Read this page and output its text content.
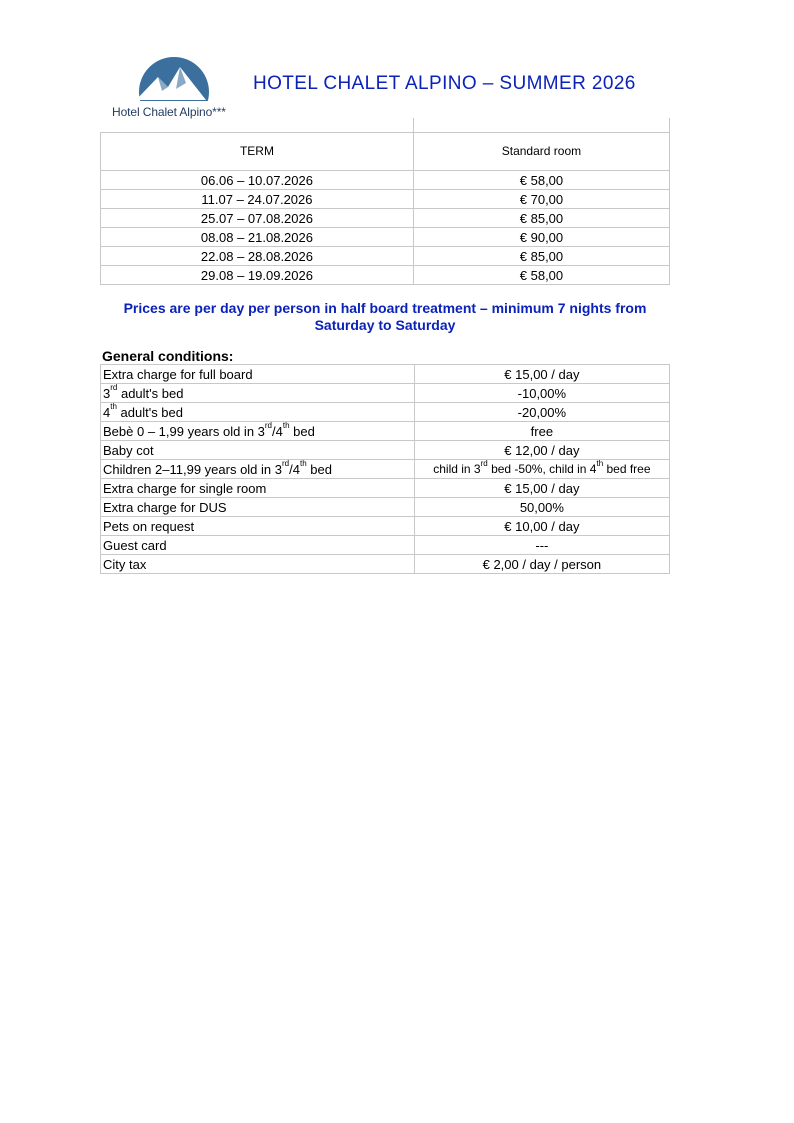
Hotel Chalet Alpino***
HOTEL CHALET ALPINO – SUMMER 2026

TERM	Standard room
06.06 – 10.07.2026	€ 58,00
11.07 – 24.07.2026	€ 70,00
25.07 – 07.08.2026	€ 85,00
08.08 – 21.08.2026	€ 90,00
22.08 – 28.08.2026	€ 85,00
29.08 – 19.09.2026	€ 58,00
Prices are per day per person in half board treatment – minimum 7 nights from Saturday to Saturday
General conditions:
Extra charge for full board	€ 15,00 / day
3rd adult's bed	-10,00%
4th adult's bed	-20,00%
Bebè 0 – 1,99 years old in 3rd/4th bed	free
Baby cot	€ 12,00 / day
Children 2–11,99 years old in 3rd/4th bed	child in 3rd bed -50%, child in 4th bed free
Extra charge for single room	€ 15,00 / day
Extra charge for DUS	50,00%
Pets on request	€ 10,00 / day
Guest card	---
City tax	€ 2,00 / day / person
